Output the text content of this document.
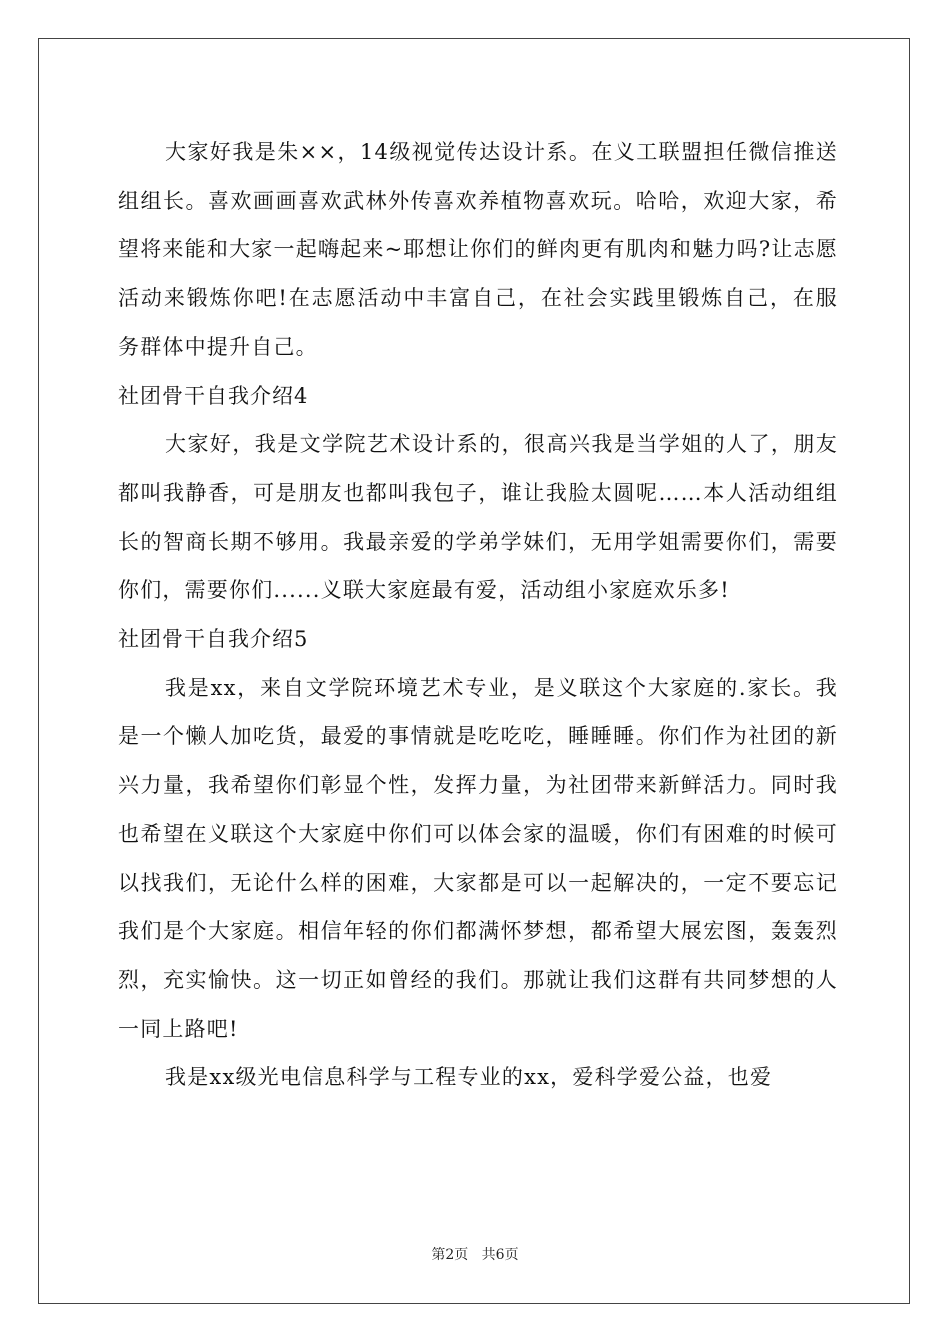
大家好我是朱××，14级视觉传达设计系。在义工联盟担任微信推送组组长。喜欢画画喜欢武林外传喜欢养植物喜欢玩。哈哈，欢迎大家，希望将来能和大家一起嗨起来~耶想让你们的鲜肉更有肌肉和魅力吗?让志愿活动来锻炼你吧!在志愿活动中丰富自己，在社会实践里锻炼自己，在服务群体中提升自己。

社团骨干自我介绍4

大家好，我是文学院艺术设计系的，很高兴我是当学姐的人了，朋友都叫我静香，可是朋友也都叫我包子，谁让我脸太圆呢……本人活动组组长的智商长期不够用。我最亲爱的学弟学妹们，无用学姐需要你们，需要你们，需要你们......义联大家庭最有爱，活动组小家庭欢乐多!

社团骨干自我介绍5

我是xx，来自文学院环境艺术专业，是义联这个大家庭的.家长。我是一个懒人加吃货，最爱的事情就是吃吃吃，睡睡睡。你们作为社团的新兴力量，我希望你们彰显个性，发挥力量，为社团带来新鲜活力。同时我也希望在义联这个大家庭中你们可以体会家的温暖，你们有困难的时候可以找我们，无论什么样的困难，大家都是可以一起解决的，一定不要忘记我们是个大家庭。相信年轻的你们都满怀梦想，都希望大展宏图，轰轰烈烈，充实愉快。这一切正如曾经的我们。那就让我们这群有共同梦想的人一同上路吧!

我是xx级光电信息科学与工程专业的xx，爱科学爱公益，也爱

第2页 共6页
